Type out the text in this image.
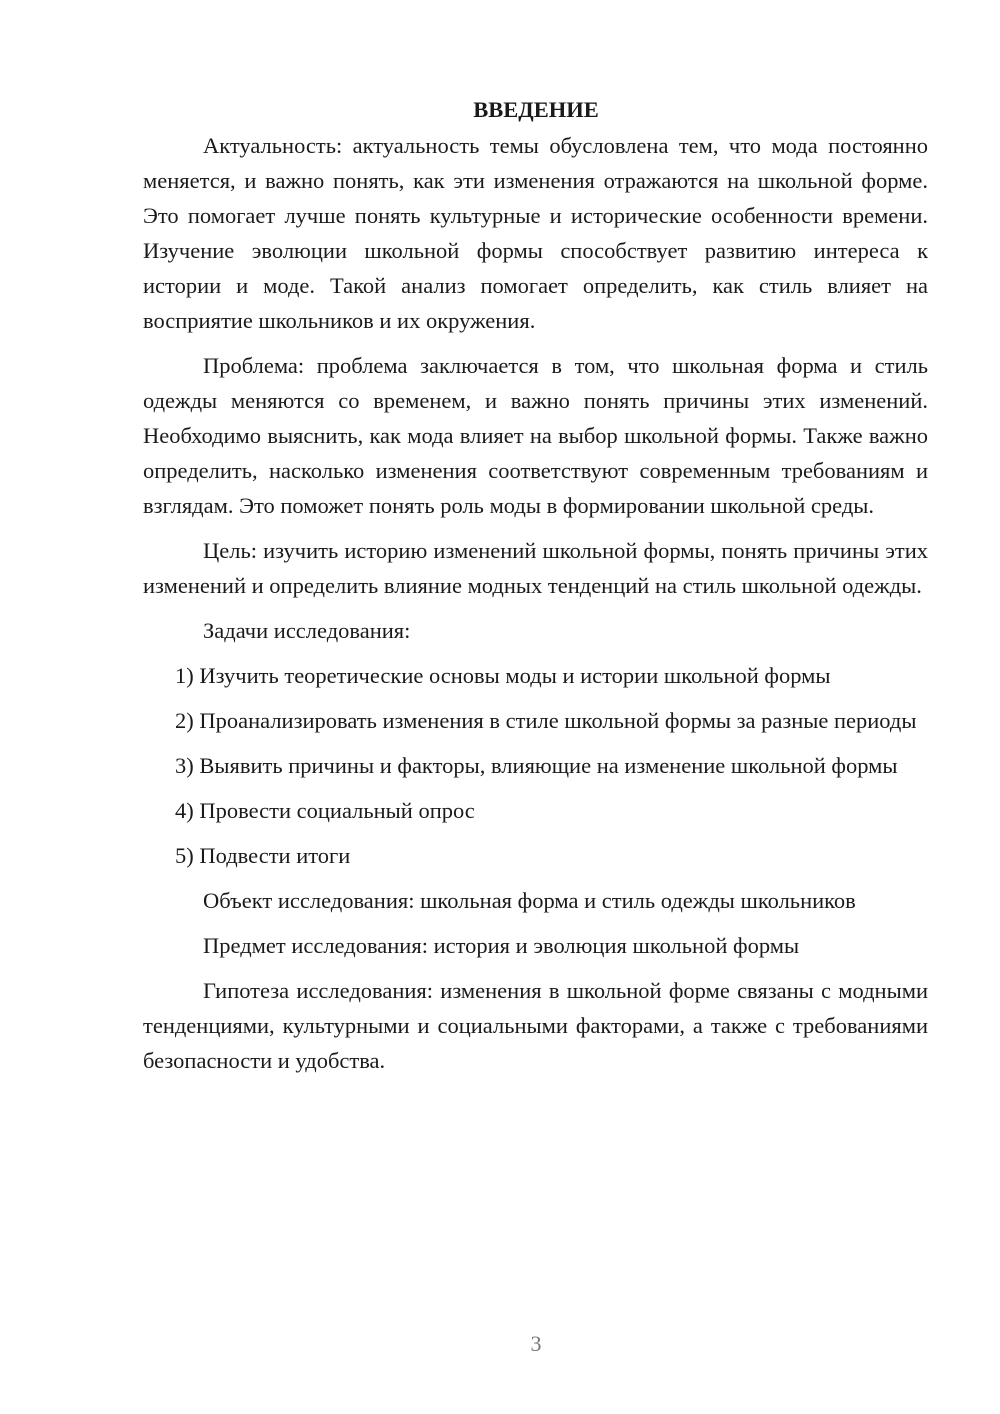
ВВЕДЕНИЕ

Актуальность: актуальность темы обусловлена тем, что мода постоянно меняется, и важно понять, как эти изменения отражаются на школьной форме. Это помогает лучше понять культурные и исторические особенности времени. Изучение эволюции школьной формы способствует развитию интереса к истории и моде. Такой анализ помогает определить, как стиль влияет на восприятие школьников и их окружения.

Проблема: проблема заключается в том, что школьная форма и стиль одежды меняются со временем, и важно понять причины этих изменений. Необходимо выяснить, как мода влияет на выбор школьной формы. Также важно определить, насколько изменения соответствуют современным требованиям и взглядам. Это поможет понять роль моды в формировании школьной среды.

Цель: изучить историю изменений школьной формы, понять причины этих изменений и определить влияние модных тенденций на стиль школьной одежды.

Задачи исследования:

1) Изучить теоретические основы моды и истории школьной формы

2) Проанализировать изменения в стиле школьной формы за разные периоды

3) Выявить причины и факторы, влияющие на изменение школьной формы

4) Провести социальный опрос

5) Подвести итоги

Объект исследования: школьная форма и стиль одежды школьников

Предмет исследования: история и эволюция школьной формы

Гипотеза исследования: изменения в школьной форме связаны с модными тенденциями, культурными и социальными факторами, а также с требованиями безопасности и удобства.

3
